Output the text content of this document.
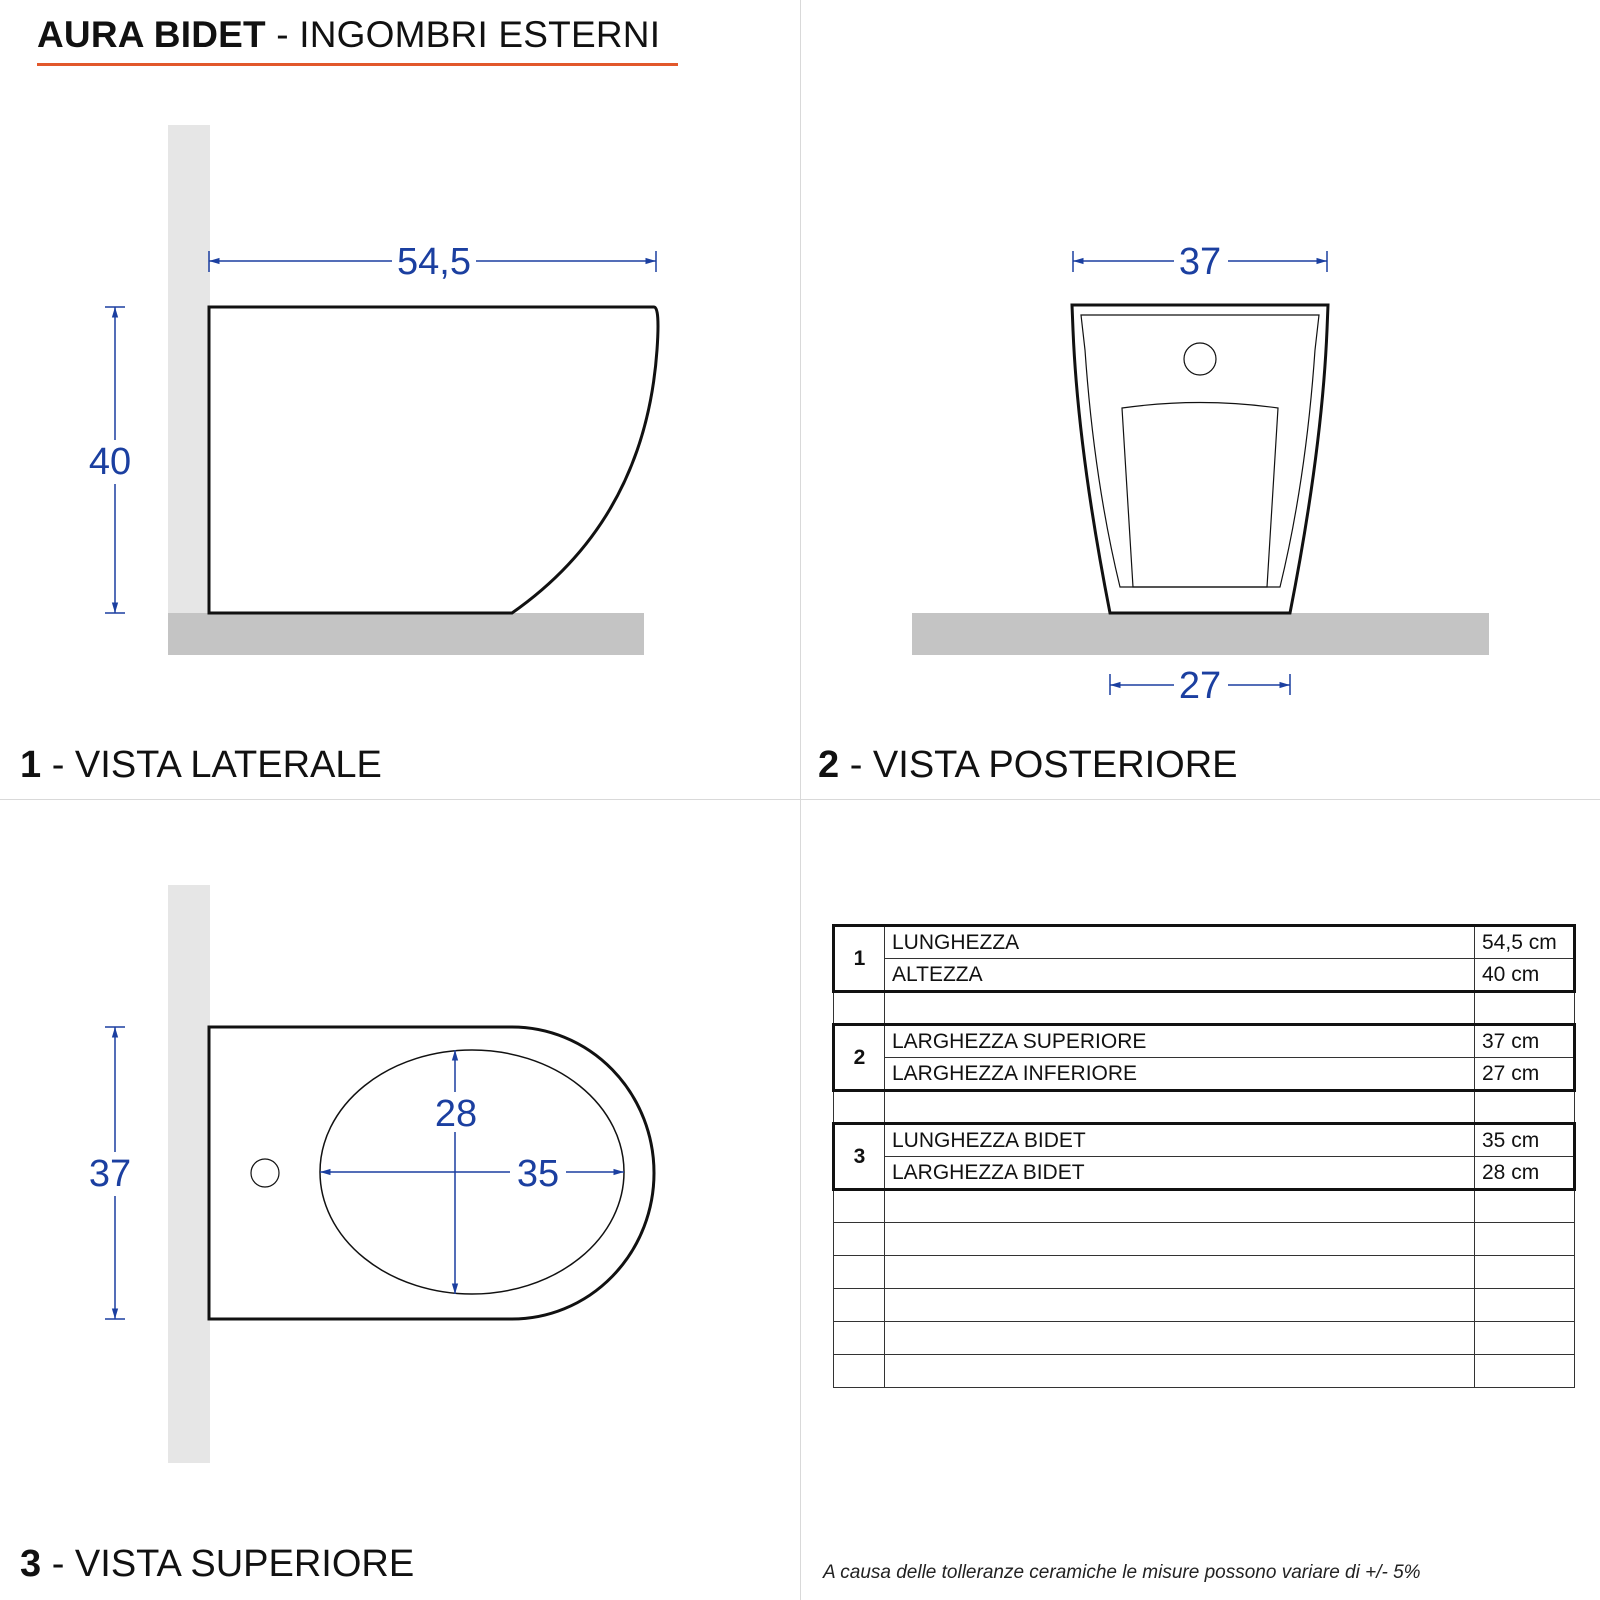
AURA BIDET - INGOMBRI ESTERNI
54,5
40
37
27
28
35
37
1 - VISTA LATERALE	2 - VISTA POSTERIORE
3 - VISTA SUPERIORE
1	LUNGHEZZA	54,5 cm
	ALTEZZA	40 cm

2	LARGHEZZA SUPERIORE	37 cm
	LARGHEZZA INFERIORE	27 cm

3	LUNGHEZZA BIDET	35 cm
	LARGHEZZA BIDET	28 cm

A causa delle tolleranze ceramiche le misure possono variare di +/- 5%
